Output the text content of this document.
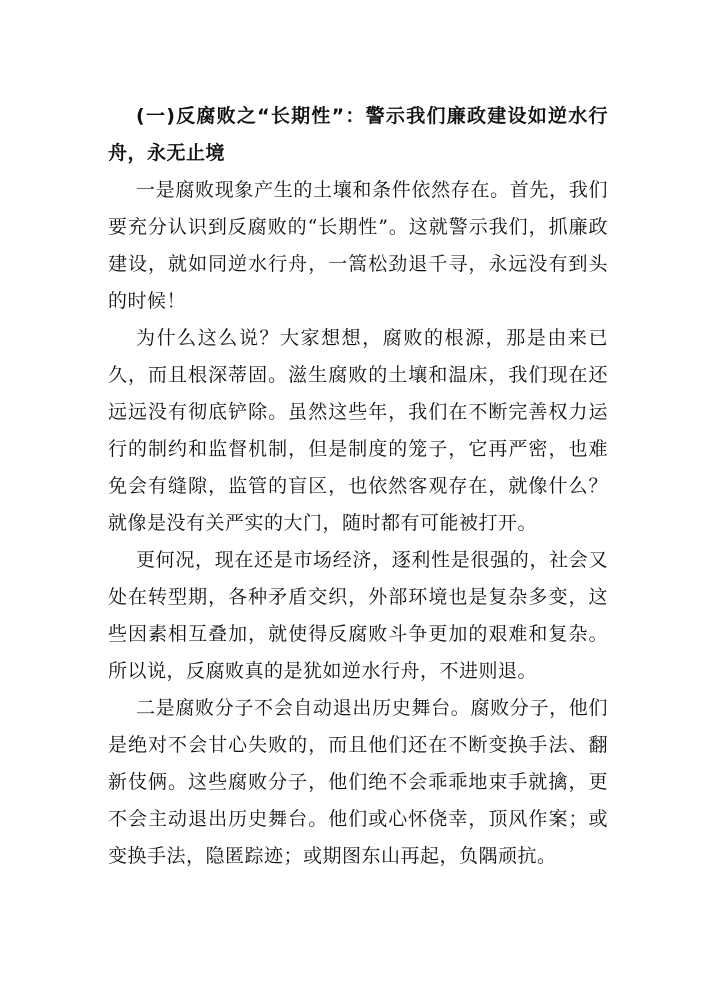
(一)反腐败之“长期性”：警示我们廉政建设如逆水行舟，永无止境

一是腐败现象产生的土壤和条件依然存在。首先，我们要充分认识到反腐败的“长期性”。这就警示我们，抓廉政建设，就如同逆水行舟，一篙松劲退千寻，永远没有到头的时候！

为什么这么说？大家想想，腐败的根源，那是由来已久，而且根深蒂固。滋生腐败的土壤和温床，我们现在还远远没有彻底铲除。虽然这些年，我们在不断完善权力运行的制约和监督机制，但是制度的笼子，它再严密，也难免会有缝隙，监管的盲区，也依然客观存在，就像什么？就像是没有关严实的大门，随时都有可能被打开。

更何况，现在还是市场经济，逐利性是很强的，社会又处在转型期，各种矛盾交织，外部环境也是复杂多变，这些因素相互叠加，就使得反腐败斗争更加的艰难和复杂。所以说，反腐败真的是犹如逆水行舟，不进则退。

二是腐败分子不会自动退出历史舞台。腐败分子，他们是绝对不会甘心失败的，而且他们还在不断变换手法、翻新伎俩。这些腐败分子，他们绝不会乖乖地束手就擒，更不会主动退出历史舞台。他们或心怀侥幸，顶风作案；或变换手法，隐匿踪迹；或期图东山再起，负隅顽抗。
